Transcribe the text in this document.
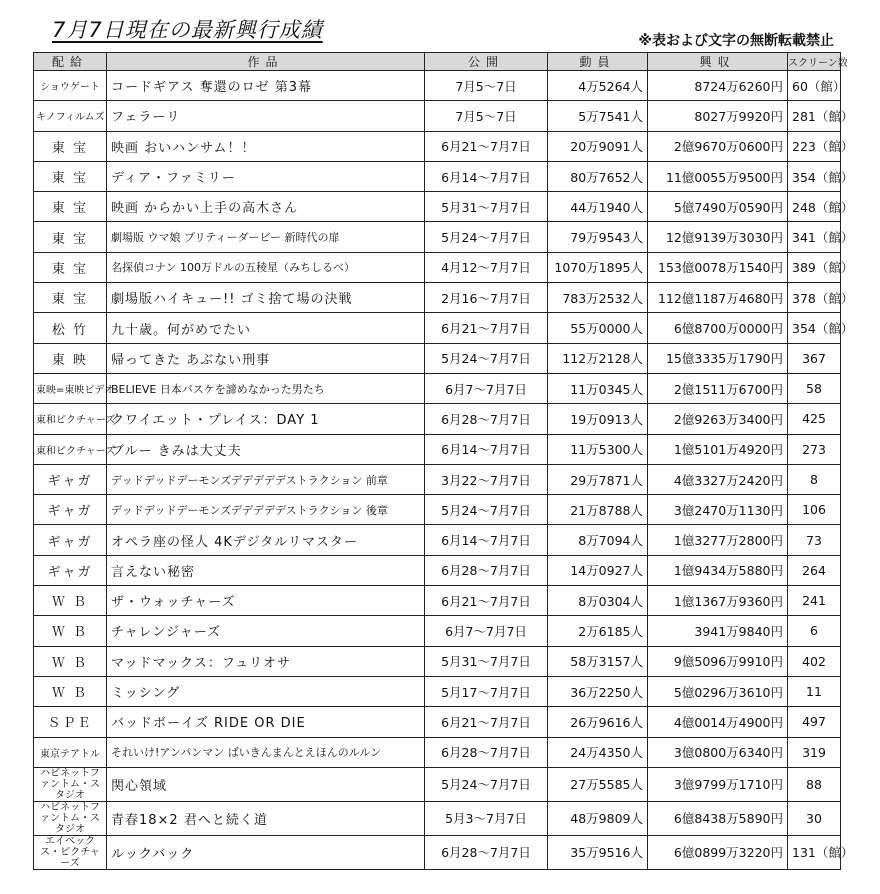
7月7日現在の最新興行成績	※表および文字の無断転載禁止
配給	作品	公開	動員	興収	スクリーン数
ショウゲート	コードギアス 奪還のロゼ 第3幕	7月5～7日	4万5264人	8724万6260円	60（館）
キノフィルムズ	フェラーリ	7月5～7日	5万7541人	8027万9920円	281（館）
東 宝	映画 おいハンサム！！	6月21～7月7日	20万9091人	2億9670万0600円	223（館）
東 宝	ディア・ファミリー	6月14～7月7日	80万7652人	11億0055万9500円	354（館）
東 宝	映画 からかい上手の高木さん	5月31～7月7日	44万1940人	5億7490万0590円	248（館）
東 宝	劇場版 ウマ娘 プリティーダービー 新時代の扉	5月24～7月7日	79万9543人	12億9139万3030円	341（館）
東 宝	名探偵コナン 100万ドルの五稜星（みちしるべ）	4月12～7月7日	1070万1895人	153億0078万1540円	389（館）
東 宝	劇場版ハイキュー!! ゴミ捨て場の決戦	2月16～7月7日	783万2532人	112億1187万4680円	378（館）
松 竹	九十歳。何がめでたい	6月21～7月7日	55万0000人	6億8700万0000円	354（館）
東 映	帰ってきた あぶない刑事	5月24～7月7日	112万2128人	15億3335万1790円	367
東映=東映ビデオ	BELIEVE 日本バスケを諦めなかった男たち	6月7～7月7日	11万0345人	2億1511万6700円	58
東和ピクチャーズ	クワイエット・プレイス：DAY 1	6月28～7月7日	19万0913人	2億9263万3400円	425
東和ピクチャーズ	ブルー きみは大丈夫	6月14～7月7日	11万5300人	1億5101万4920円	273
ギャガ	デッドデッドデーモンズデデデデデストラクション 前章	3月22～7月7日	29万7871人	4億3327万2420円	8
ギャガ	デッドデッドデーモンズデデデデデストラクション 後章	5月24～7月7日	21万8788人	3億2470万1130円	106
ギャガ	オペラ座の怪人 4Kデジタルリマスター	6月14～7月7日	8万7094人	1億3277万2800円	73
ギャガ	言えない秘密	6月28～7月7日	14万0927人	1億9434万5880円	264
Ｗ Ｂ	ザ・ウォッチャーズ	6月21～7月7日	8万0304人	1億1367万9360円	241
Ｗ Ｂ	チャレンジャーズ	6月7～7月7日	2万6185人	3941万9840円	6
Ｗ Ｂ	マッドマックス：フュリオサ	5月31～7月7日	58万3157人	9億5096万9910円	402
Ｗ Ｂ	ミッシング	5月17～7月7日	36万2250人	5億0296万3610円	11
ＳＰＥ	バッドボーイズ RIDE OR DIE	6月21～7月7日	26万9616人	4億0014万4900円	497
東京テアトル	それいけ!アンパンマン ばいきんまんとえほんのルルン	6月28～7月7日	24万4350人	3億0800万6340円	319
ハピネットファントム・スタジオ	関心領域	5月24～7月7日	27万5585人	3億9799万1710円	88
ハピネットファントム・スタジオ	青春18×2 君へと続く道	5月3～7月7日	48万9809人	6億8438万5890円	30
エイベックス・ピクチャーズ	ルックバック	6月28～7月7日	35万9516人	6億0899万3220円	131（館）
